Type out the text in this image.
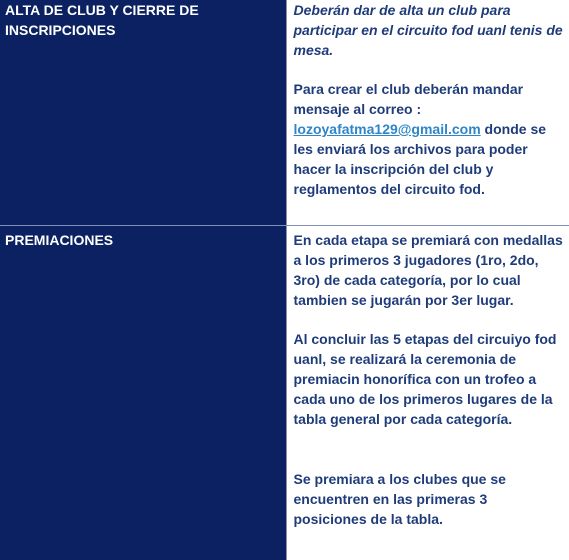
ALTA DE CLUB Y CIERRE DE INSCRIPCIONES	Deberán dar de alta un club para participar en el circuito fod uanl tenis de mesa.

Para crear el club deberán mandar mensaje al correo : lozoyafatma129@gmail.com donde se les enviará los archivos para poder hacer la inscripción del club y reglamentos del circuito fod.

PREMIACIONES	En cada etapa se premiará con medallas a los primeros 3 jugadores (1ro, 2do, 3ro) de cada categoría, por lo cual tambien se jugarán por 3er lugar.

Al concluir las 5 etapas del circuiyo fod uanl, se realizará la ceremonia de premiacin honorífica con un trofeo a cada uno de los primeros lugares de la tabla general por cada categoría.

Se premiara a los clubes que se encuentren en las primeras 3 posiciones de la tabla.
